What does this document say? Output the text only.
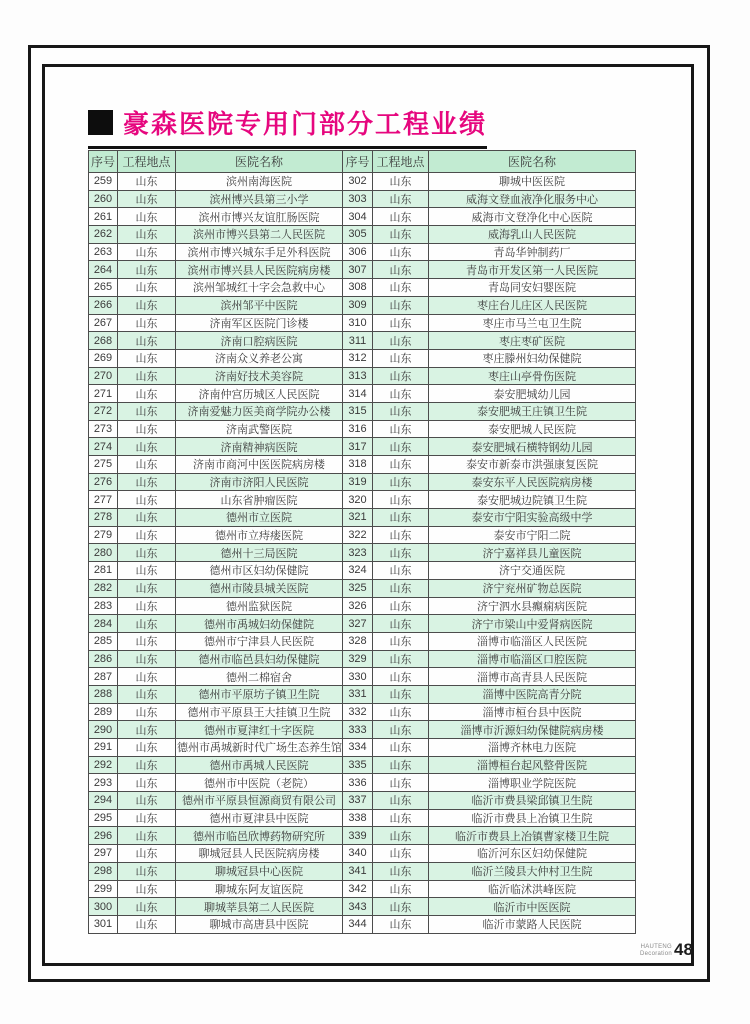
豪森医院专用门部分工程业绩
序号	工程地点	医院名称	序号	工程地点	医院名称
259	山东	滨州南海医院	302	山东	聊城中医医院
260	山东	滨州博兴县第三小学	303	山东	威海文登血液净化服务中心
261	山东	滨州市博兴友谊肛肠医院	304	山东	威海市文登净化中心医院
262	山东	滨州市博兴县第二人民医院	305	山东	威海乳山人民医院
263	山东	滨州市博兴城东手足外科医院	306	山东	青岛华钟制药厂
264	山东	滨州市博兴县人民医院病房楼	307	山东	青岛市开发区第一人民医院
265	山东	滨州邹城红十字会急救中心	308	山东	青岛同安妇婴医院
266	山东	滨州邹平中医院	309	山东	枣庄台儿庄区人民医院
267	山东	济南军区医院门诊楼	310	山东	枣庄市马兰屯卫生院
268	山东	济南口腔病医院	311	山东	枣庄枣矿医院
269	山东	济南众义养老公寓	312	山东	枣庄滕州妇幼保健院
270	山东	济南好技术美容院	313	山东	枣庄山亭骨伤医院
271	山东	济南仲宫历城区人民医院	314	山东	泰安肥城幼儿园
272	山东	济南爱魅力医美商学院办公楼	315	山东	泰安肥城王庄镇卫生院
273	山东	济南武警医院	316	山东	泰安肥城人民医院
274	山东	济南精神病医院	317	山东	泰安肥城石横特钢幼儿园
275	山东	济南市商河中医医院病房楼	318	山东	泰安市新泰市洪强康复医院
276	山东	济南市济阳人民医院	319	山东	泰安东平人民医院病房楼
277	山东	山东省肿瘤医院	320	山东	泰安肥城边院镇卫生院
278	山东	德州市立医院	321	山东	泰安市宁阳实验高级中学
279	山东	德州市立痔瘘医院	322	山东	泰安市宁阳二院
280	山东	德州十三局医院	323	山东	济宁嘉祥县儿童医院
281	山东	德州市区妇幼保健院	324	山东	济宁交通医院
282	山东	德州市陵县城关医院	325	山东	济宁兖州矿物总医院
283	山东	德州监狱医院	326	山东	济宁泗水县癫痫病医院
284	山东	德州市禹城妇幼保健院	327	山东	济宁市梁山中爱肾病医院
285	山东	德州市宁津县人民医院	328	山东	淄博市临淄区人民医院
286	山东	德州市临邑县妇幼保健院	329	山东	淄博市临淄区口腔医院
287	山东	德州二棉宿舍	330	山东	淄博市高青县人民医院
288	山东	德州市平原坊子镇卫生院	331	山东	淄博中医院高青分院
289	山东	德州市平原县王大挂镇卫生院	332	山东	淄博市桓台县中医院
290	山东	德州市夏津红十字医院	333	山东	淄博市沂源妇幼保健院病房楼
291	山东	德州市禹城新时代广场生态养生馆	334	山东	淄博齐林电力医院
292	山东	德州市禹城人民医院	335	山东	淄博桓台起风整骨医院
293	山东	德州市中医院（老院）	336	山东	淄博职业学院医院
294	山东	德州市平原县恒源商贸有限公司	337	山东	临沂市费县梁邱镇卫生院
295	山东	德州市夏津县中医院	338	山东	临沂市费县上冶镇卫生院
296	山东	德州市临邑欣博药物研究所	339	山东	临沂市费县上冶镇曹家楼卫生院
297	山东	聊城冠县人民医院病房楼	340	山东	临沂河东区妇幼保健院
298	山东	聊城冠县中心医院	341	山东	临沂兰陵县大仲村卫生院
299	山东	聊城东阿友谊医院	342	山东	临沂临沭洪峰医院
300	山东	聊城莘县第二人民医院	343	山东	临沂市中医医院
301	山东	聊城市高唐县中医院	344	山东	临沂市蒙路人民医院
HAUTENG
Decoration 48
